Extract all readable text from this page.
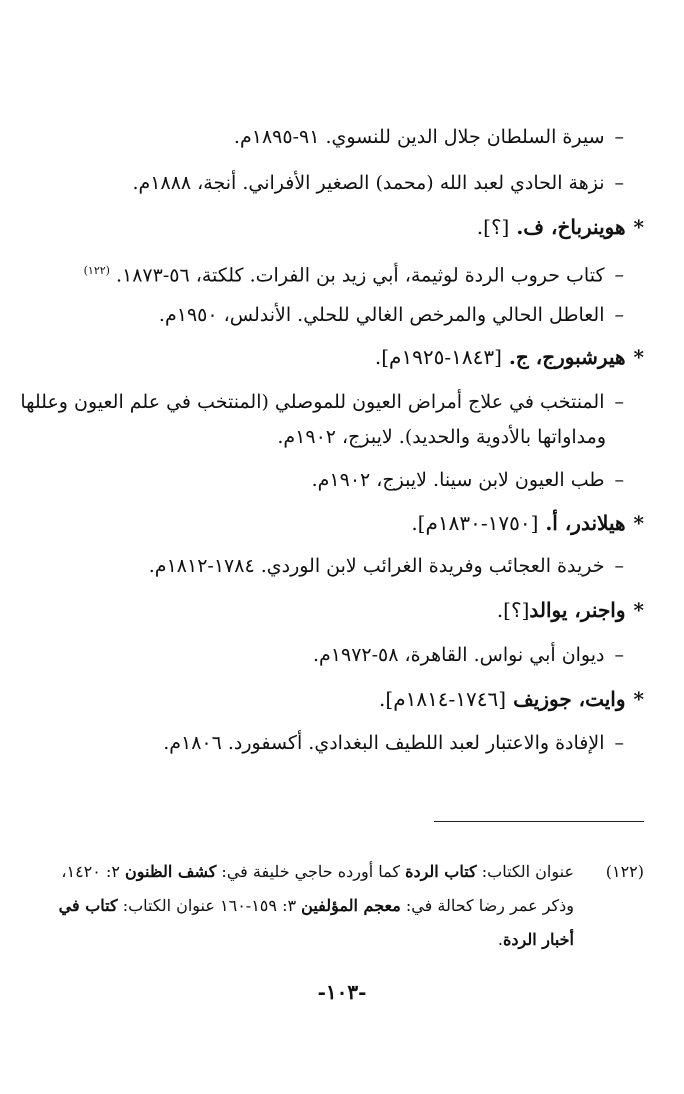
–سيرة السلطان جلال الدين للنسوي. ٩١-١٨٩٥م.
–نزهة الحادي لعبد الله (محمد) الصغير الأفراني. أنجة، ١٨٨٨م.
*هوينرباخ، ف. [؟].
–كتاب حروب الردة لوثيمة، أبي زيد بن الفرات. كلكتة، ٥٦-١٨٧٣.$^{(١٢٢)}$
–العاطل الحالي والمرخص الغالي للحلي. الأندلس، ١٩٥٠م.
*هيرشبورج، ج. [١٨٤٣-١٩٢٥م].
–المنتخب في علاج أمراض العيون للموصلي (المنتخب في علم العيون وعللها
ومداواتها بالأدوية والحديد). لايبزج، ١٩٠٢م.
–طب العيون لابن سينا. لايبزج، ١٩٠٢م.
*هيلاندر، أ. [١٧٥٠-١٨٣٠م].
–خريدة العجائب وفريدة الغرائب لابن الوردي. ١٧٨٤-١٨١٢م.
*واجنر، يوالد[؟].
–ديوان أبي نواس. القاهرة، ٥٨-١٩٧٢م.
*وايت، جوزيف [١٧٤٦-١٨١٤م].
–الإفادة والاعتبار لعبد اللطيف البغدادي. أكسفورد. ١٨٠٦م.
(١٢٢)
عنوان الكتاب: كتاب الردة كما أورده حاجي خليفة في: كشف الظنون ٢: ١٤٢٠، وذكر عمر رضا كحالة في: معجم المؤلفين ٣: ١٥٩-١٦٠ عنوان الكتاب: كتاب في أخبار الردة.
-١٠٣-
